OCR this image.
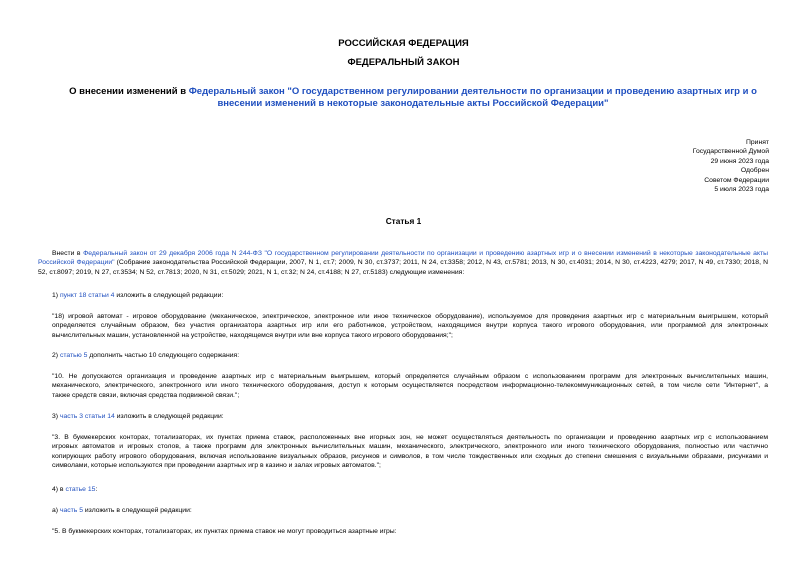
РОССИЙСКАЯ ФЕДЕРАЦИЯ
ФЕДЕРАЛЬНЫЙ ЗАКОН
О внесении изменений в Федеральный закон "О государственном регулировании деятельности по организации и проведению азартных игр и о внесении изменений в некоторые законодательные акты Российской Федерации"
Принят
Государственной Думой
29 июня 2023 года
Одобрен
Советом Федерации
5 июля 2023 года
Статья 1
Внести в Федеральный закон от 29 декабря 2006 года N 244-ФЗ "О государственном регулировании деятельности по организации и проведению азартных игр и о внесении изменений в некоторые законодательные акты Российской Федерации" (Собрание законодательства Российской Федерации, 2007, N 1, ст.7; 2009, N 30, ст.3737; 2011, N 24, ст.3358; 2012, N 43, ст.5781; 2013, N 30, ст.4031; 2014, N 30, ст.4223, 4279; 2017, N 49, ст.7330; 2018, N 52, ст.8097; 2019, N 27, ст.3534; N 52, ст.7813; 2020, N 31, ст.5029; 2021, N 1, ст.32; N 24, ст.4188; N 27, ст.5183) следующие изменения:
1) пункт 18 статьи 4 изложить в следующей редакции:
"18) игровой автомат - игровое оборудование (механическое, электрическое, электронное или иное техническое оборудование), используемое для проведения азартных игр с материальным выигрышем, который
определяется случайным образом, без участия организатора азартных игр или его работников, устройством, находящимся внутри корпуса такого игрового оборудования, или программой для электронных
вычислительных машин, установленной на устройстве, находящемся внутри или вне корпуса такого игрового оборудования;";
2) статью 5 дополнить частью 10 следующего содержания:
"10. Не допускаются организация и проведение азартных игр с материальным выигрышем, который определяется случайным образом с использованием программ для электронных вычислительных машин,
механического, электрического, электронного или иного технического оборудования, доступ к которым осуществляется посредством информационно-телекоммуникационных сетей, в том числе сети "Интернет", а
также средств связи, включая средства подвижной связи.";
3) часть 3 статьи 14 изложить в следующей редакции:
"3. В букмекерских конторах, тотализаторах, их пунктах приема ставок, расположенных вне игорных зон, не может осуществляться деятельность по организации и проведению азартных игр с использованием
игровых автоматов и игровых столов, а также программ для электронных вычислительных машин, механического, электрического, электронного или иного технического оборудования, полностью или частично
копирующих работу игрового оборудования, включая использование визуальных образов, рисунков и символов, в том числе тождественных или сходных до степени смешения с визуальными образами, рисунками и
символами, которые используются при проведении азартных игр в казино и залах игровых автоматов.";
4) в статье 15:
а) часть 5 изложить в следующей редакции:
"5. В букмекерских конторах, тотализаторах, их пунктах приема ставок не могут проводиться азартные игры:
